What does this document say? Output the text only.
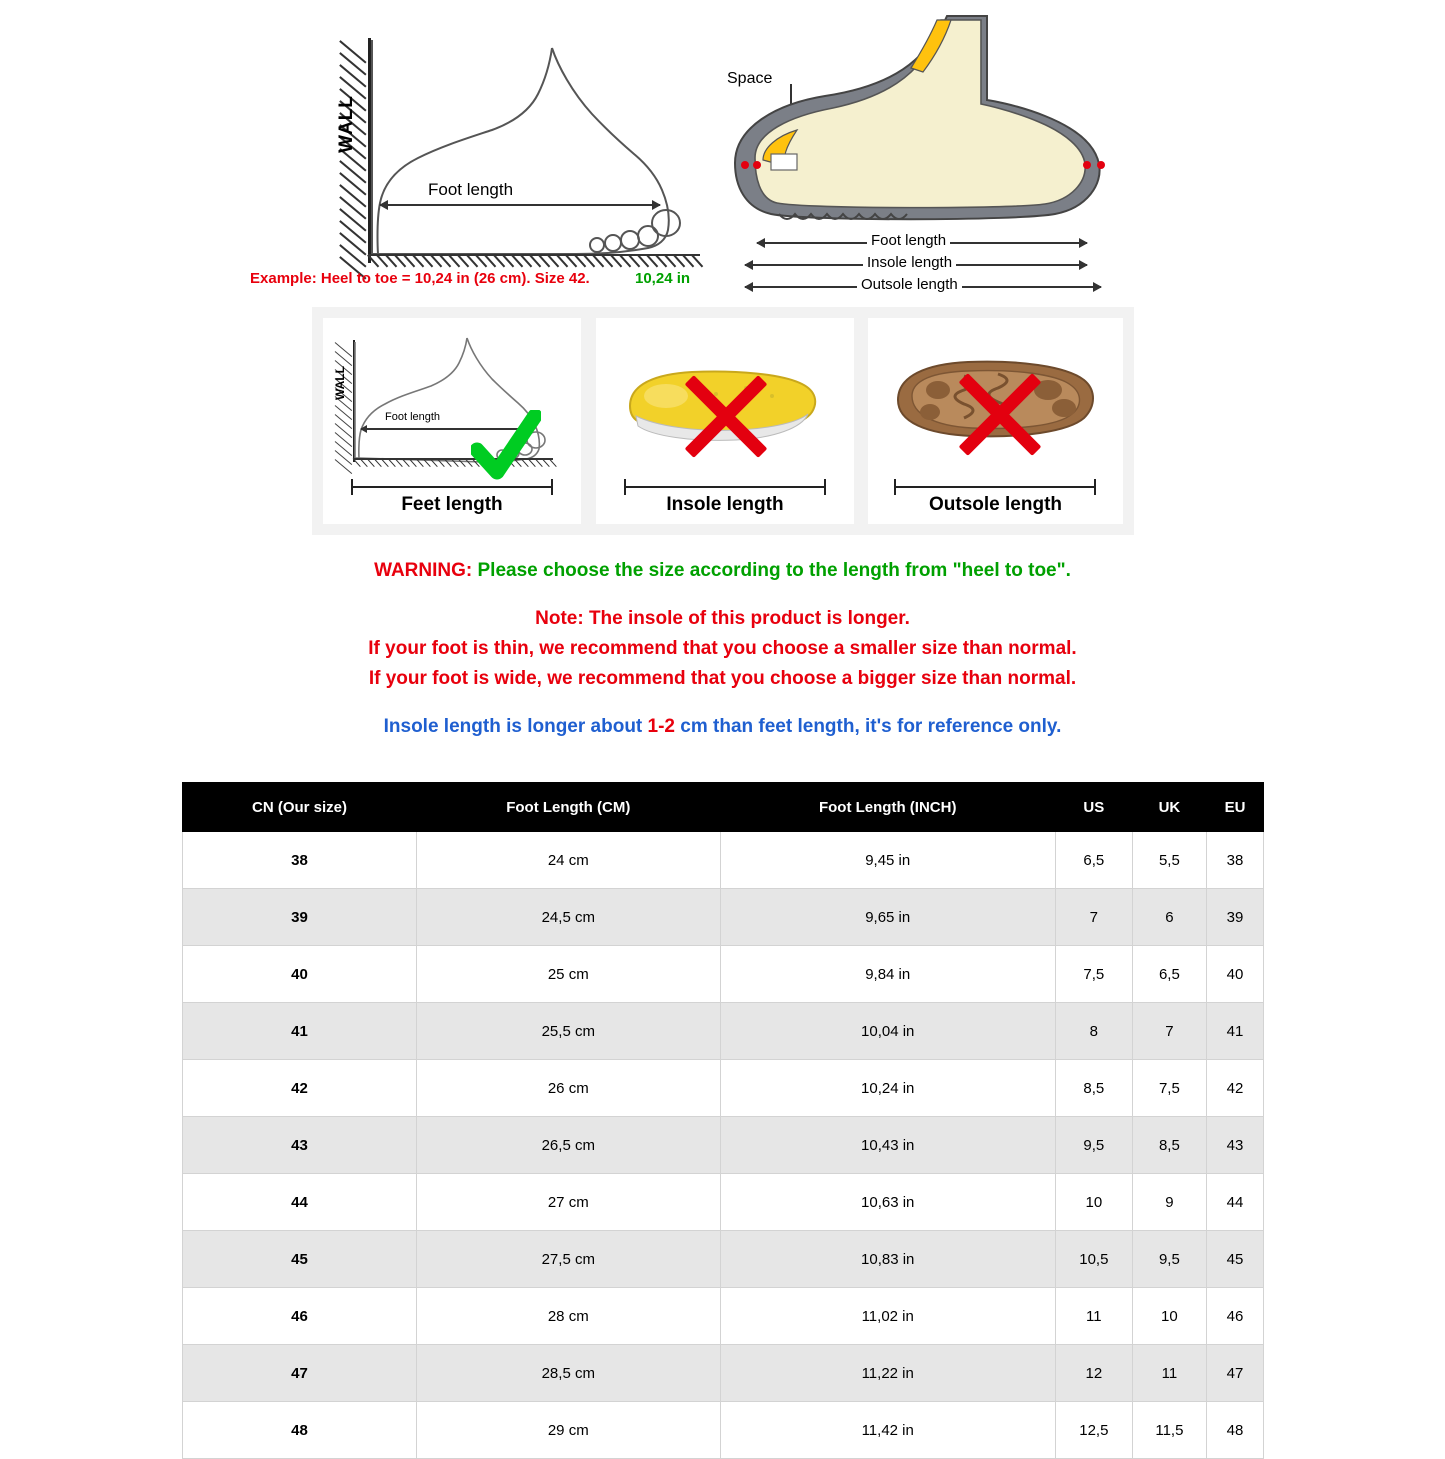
WALL
Foot length
Example: Heel to toe = 10,24 in (26 cm). Size 42.	10,24 in
Space
Foot length
Insole length
Outsole length
WALL
Foot length
Feet length	Insole length	Outsole length
WARNING: Please choose the size according to the length from "heel to toe".
Note: The insole of this product is longer.
If your foot is thin, we recommend that you choose a smaller size than normal.
If your foot is wide, we recommend that you choose a bigger size than normal.
Insole length is longer about 1-2 cm than feet length, it's for reference only.
CN (Our size)	Foot Length (CM)	Foot Length (INCH)	US	UK	EU
38	24 cm	9,45 in	6,5	5,5	38
39	24,5 cm	9,65 in	7	6	39
40	25 cm	9,84 in	7,5	6,5	40
41	25,5 cm	10,04 in	8	7	41
42	26 cm	10,24 in	8,5	7,5	42
43	26,5 cm	10,43 in	9,5	8,5	43
44	27 cm	10,63 in	10	9	44
45	27,5 cm	10,83 in	10,5	9,5	45
46	28 cm	11,02 in	11	10	46
47	28,5 cm	11,22 in	12	11	47
48	29 cm	11,42 in	12,5	11,5	48
